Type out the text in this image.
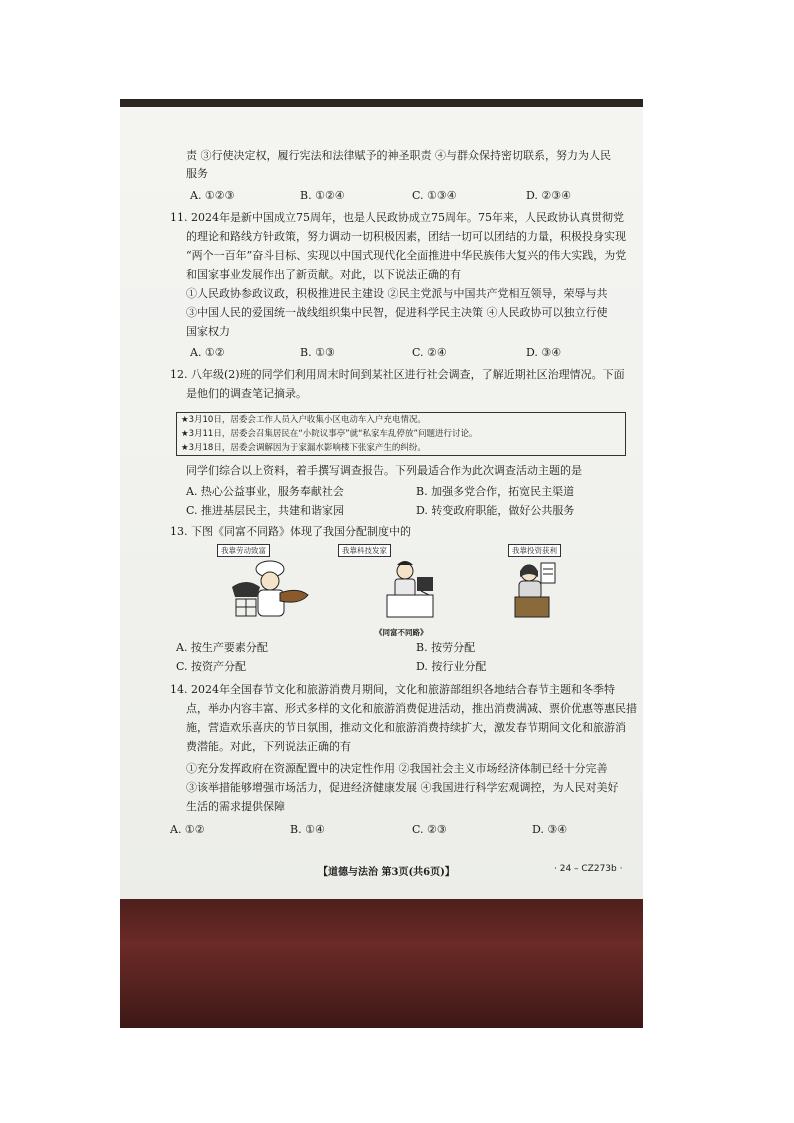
责 ③行使决定权，履行宪法和法律赋予的神圣职责 ④与群众保持密切联系，努力为人民
服务
A. ①②③	B. ①②④	C. ①③④	D. ②③④
11. 2024年是新中国成立75周年，也是人民政协成立75周年。75年来，人民政协认真贯彻党
的理论和路线方针政策，努力调动一切积极因素，团结一切可以团结的力量，积极投身实现
“两个一百年”奋斗目标、实现以中国式现代化全面推进中华民族伟大复兴的伟大实践，为党
和国家事业发展作出了新贡献。对此，以下说法正确的有
①人民政协参政议政，积极推进民主建设 ②民主党派与中国共产党相互领导，荣辱与共
③中国人民的爱国统一战线组织集中民智，促进科学民主决策 ④人民政协可以独立行使
国家权力
A. ①②	B. ①③	C. ②④	D. ③④
12. 八年级(2)班的同学们利用周末时间到某社区进行社会调查，了解近期社区治理情况。下面
是他们的调查笔记摘录。
★3月10日，居委会工作人员入户收集小区电动车入户充电情况。
★3月11日，居委会召集居民在“小院议事亭”就“私家车乱停放”问题进行讨论。
★3月18日，居委会调解因为于家漏水影响楼下张家产生的纠纷。
同学们综合以上资料，着手撰写调查报告。下列最适合作为此次调查活动主题的是
A. 热心公益事业，服务奉献社会	B. 加强多党合作，拓宽民主渠道
C. 推进基层民主，共建和谐家园	D. 转变政府职能，做好公共服务
13. 下图《同富不同路》体现了我国分配制度中的
我靠劳动致富	我靠科技发家	我靠投资获利
《同富不同路》
A. 按生产要素分配	B. 按劳分配
C. 按资产分配	D. 按行业分配
14. 2024年全国春节文化和旅游消费月期间，文化和旅游部组织各地结合春节主题和冬季特
点，举办内容丰富、形式多样的文化和旅游消费促进活动，推出消费满减、票价优惠等惠民措
施，营造欢乐喜庆的节日氛围，推动文化和旅游消费持续扩大，激发春节期间文化和旅游消
费潜能。对此，下列说法正确的有
①充分发挥政府在资源配置中的决定性作用 ②我国社会主义市场经济体制已经十分完善
③该举措能够增强市场活力，促进经济健康发展 ④我国进行科学宏观调控，为人民对美好
生活的需求提供保障
A. ①②	B. ①④	C. ②③	D. ③④
【道德与法治 第3页(共6页)】	· 24 – CZ273b ·
